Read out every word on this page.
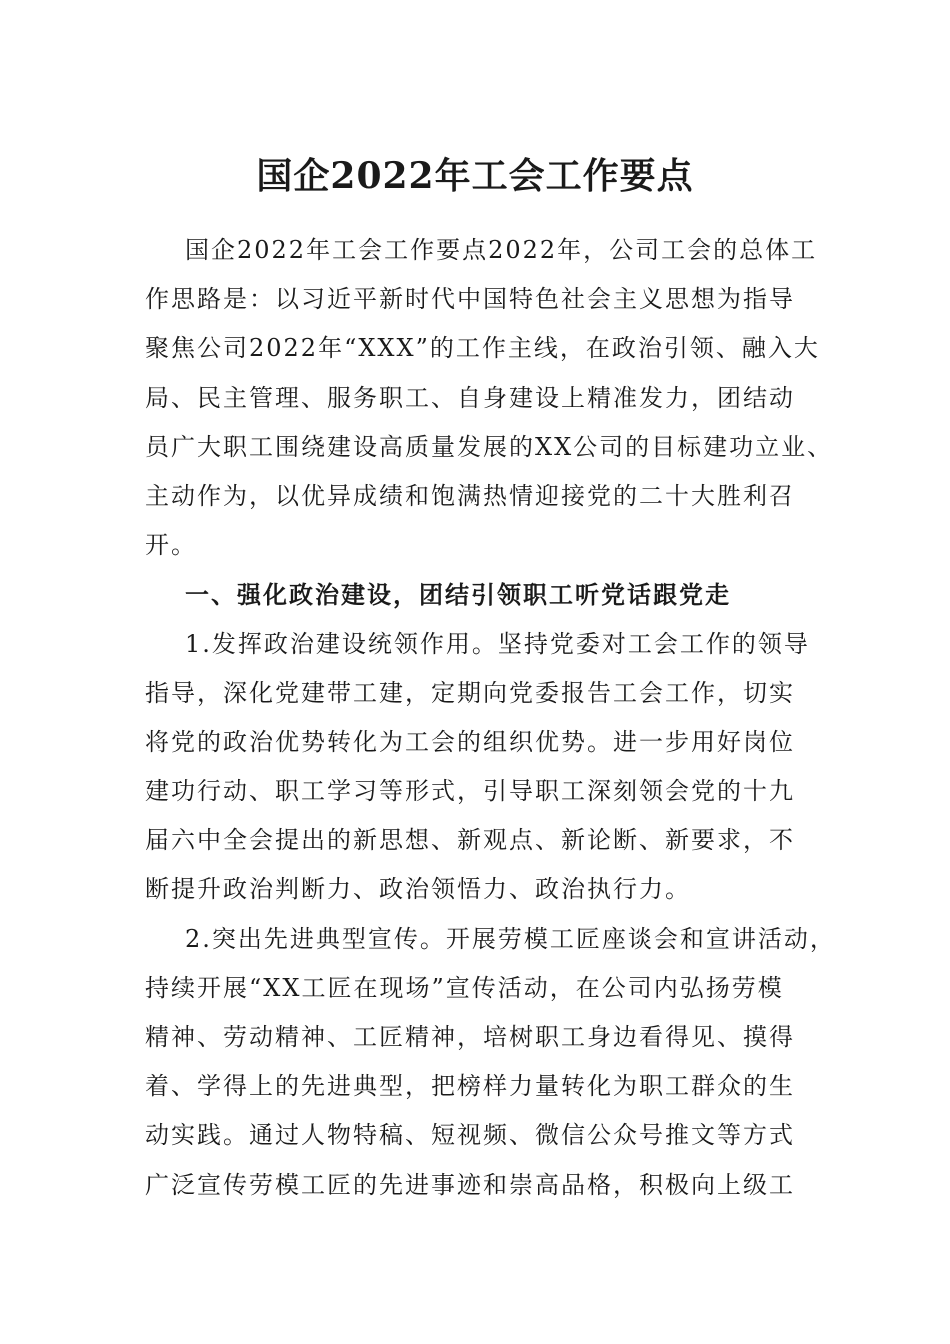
国企2022年工会工作要点
国企2022年工会工作要点2022年，公司工会的总体工
作思路是：以习近平新时代中国特色社会主义思想为指导
聚焦公司2022年“XXX”的工作主线，在政治引领、融入大
局、民主管理、服务职工、自身建设上精准发力，团结动
员广大职工围绕建设高质量发展的XX公司的目标建功立业、
主动作为，以优异成绩和饱满热情迎接党的二十大胜利召
开。
一、强化政治建设，团结引领职工听党话跟党走
1.发挥政治建设统领作用。坚持党委对工会工作的领导
指导，深化党建带工建，定期向党委报告工会工作，切实
将党的政治优势转化为工会的组织优势。进一步用好岗位
建功行动、职工学习等形式，引导职工深刻领会党的十九
届六中全会提出的新思想、新观点、新论断、新要求，不
断提升政治判断力、政治领悟力、政治执行力。
2.突出先进典型宣传。开展劳模工匠座谈会和宣讲活动，
持续开展“XX工匠在现场”宣传活动，在公司内弘扬劳模
精神、劳动精神、工匠精神，培树职工身边看得见、摸得
着、学得上的先进典型，把榜样力量转化为职工群众的生
动实践。通过人物特稿、短视频、微信公众号推文等方式
广泛宣传劳模工匠的先进事迹和崇高品格，积极向上级工
